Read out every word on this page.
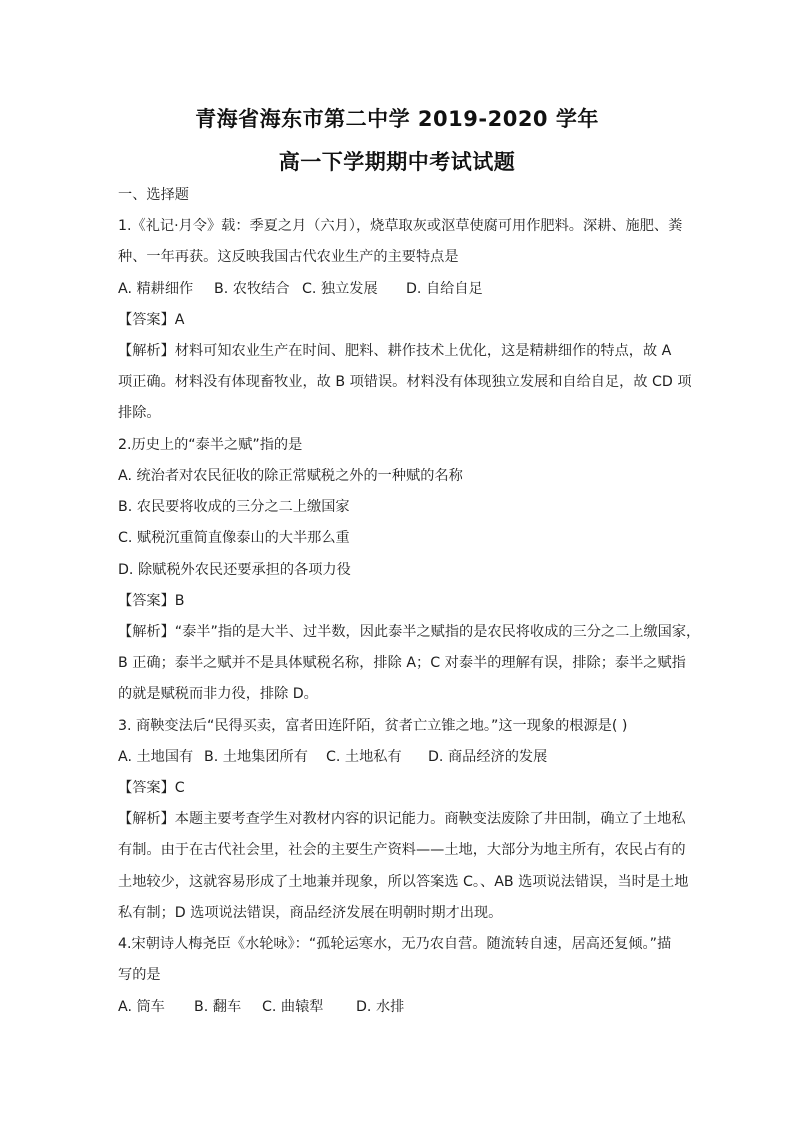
青海省海东市第二中学 2019-2020 学年
高一下学期期中考试试题
一、选择题
1.《礼记·月令》载：季夏之月（六月），烧草取灰或沤草使腐可用作肥料。深耕、施肥、粪
种、一年再获。这反映我国古代农业生产的主要特点是
A. 精耕细作 B. 农牧结合 C. 独立发展 D. 自给自足
【答案】A
【解析】材料可知农业生产在时间、肥料、耕作技术上优化，这是精耕细作的特点，故 A
项正确。材料没有体现畜牧业，故 B 项错误。材料没有体现独立发展和自给自足，故 CD 项
排除。
2.历史上的“泰半之赋”指的是
A. 统治者对农民征收的除正常赋税之外的一种赋的名称
B. 农民要将收成的三分之二上缴国家
C. 赋税沉重简直像泰山的大半那么重
D. 除赋税外农民还要承担的各项力役
【答案】B
【解析】“泰半”指的是大半、过半数，因此泰半之赋指的是农民将收成的三分之二上缴国家，
B 正确；泰半之赋并不是具体赋税名称，排除 A；C 对泰半的理解有误，排除；泰半之赋指
的就是赋税而非力役，排除 D。
3. 商鞅变法后“民得买卖，富者田连阡陌，贫者亡立锥之地。”这一现象的根源是( )
A. 土地国有 B. 土地集团所有 C. 土地私有 D. 商品经济的发展
【答案】C
【解析】本题主要考查学生对教材内容的识记能力。商鞅变法废除了井田制，确立了土地私
有制。由于在古代社会里，社会的主要生产资料——土地，大部分为地主所有，农民占有的
土地较少，这就容易形成了土地兼并现象，所以答案选 C。、AB 选项说法错误，当时是土地
私有制；D 选项说法错误，商品经济发展在明朝时期才出现。
4.宋朝诗人梅尧臣《水轮咏》：“孤轮运寒水，无乃农自营。随流转自速，居高还复倾。”描
写的是
A. 筒车 B. 翻车 C. 曲辕犁 D. 水排
